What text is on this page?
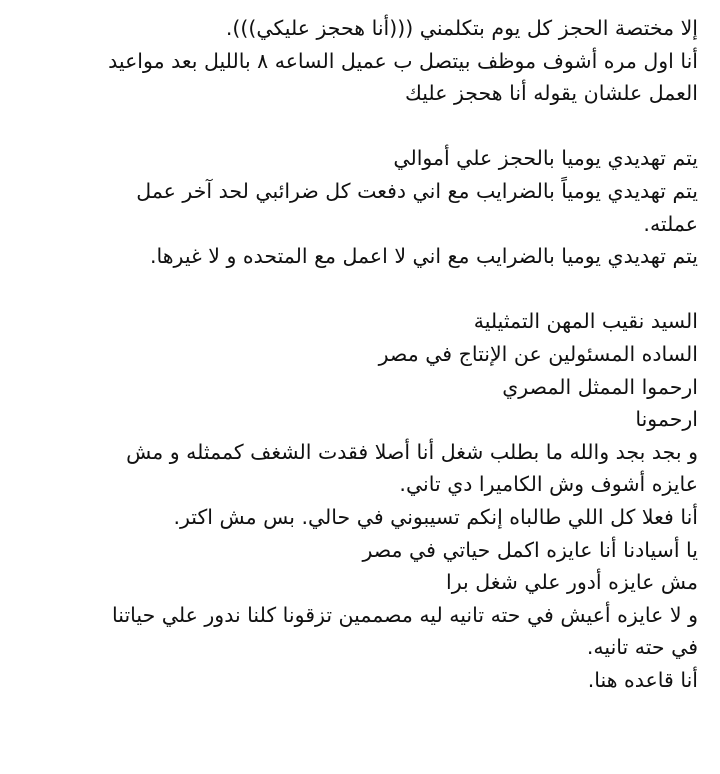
إلا مختصة الحجز كل يوم بتكلمني (((أنا هحجز عليكي))).
أنا اول مره أشوف موظف بيتصل ب عميل الساعه ٨ بالليل بعد مواعيد
العمل علشان يقوله أنا هحجز عليك
يتم تهديدي يوميا بالحجز علي أموالي
يتم تهديدي يومياً بالضرايب مع اني دفعت كل ضرائبي لحد آخر عمل
عملته.
يتم تهديدي يوميا بالضرايب مع اني لا اعمل مع المتحده و لا غيرها.
السيد نقيب المهن التمثيلية
الساده المسئولين عن الإنتاج في مصر
ارحموا الممثل المصري
ارحمونا
و بجد بجد والله ما بطلب شغل أنا أصلا فقدت الشغف كممثله و مش
عايزه أشوف وش الكاميرا دي تاني.
أنا فعلا كل اللي طالباه إنكم تسيبوني في حالي. بس مش اكتر.
يا أسيادنا أنا عايزه اكمل حياتي في مصر
مش عايزه أدور علي شغل برا
و لا عايزه أعيش في حته تانيه ليه مصممين تزقونا كلنا ندور علي حياتنا
في حته تانيه.
أنا قاعده هنا.
